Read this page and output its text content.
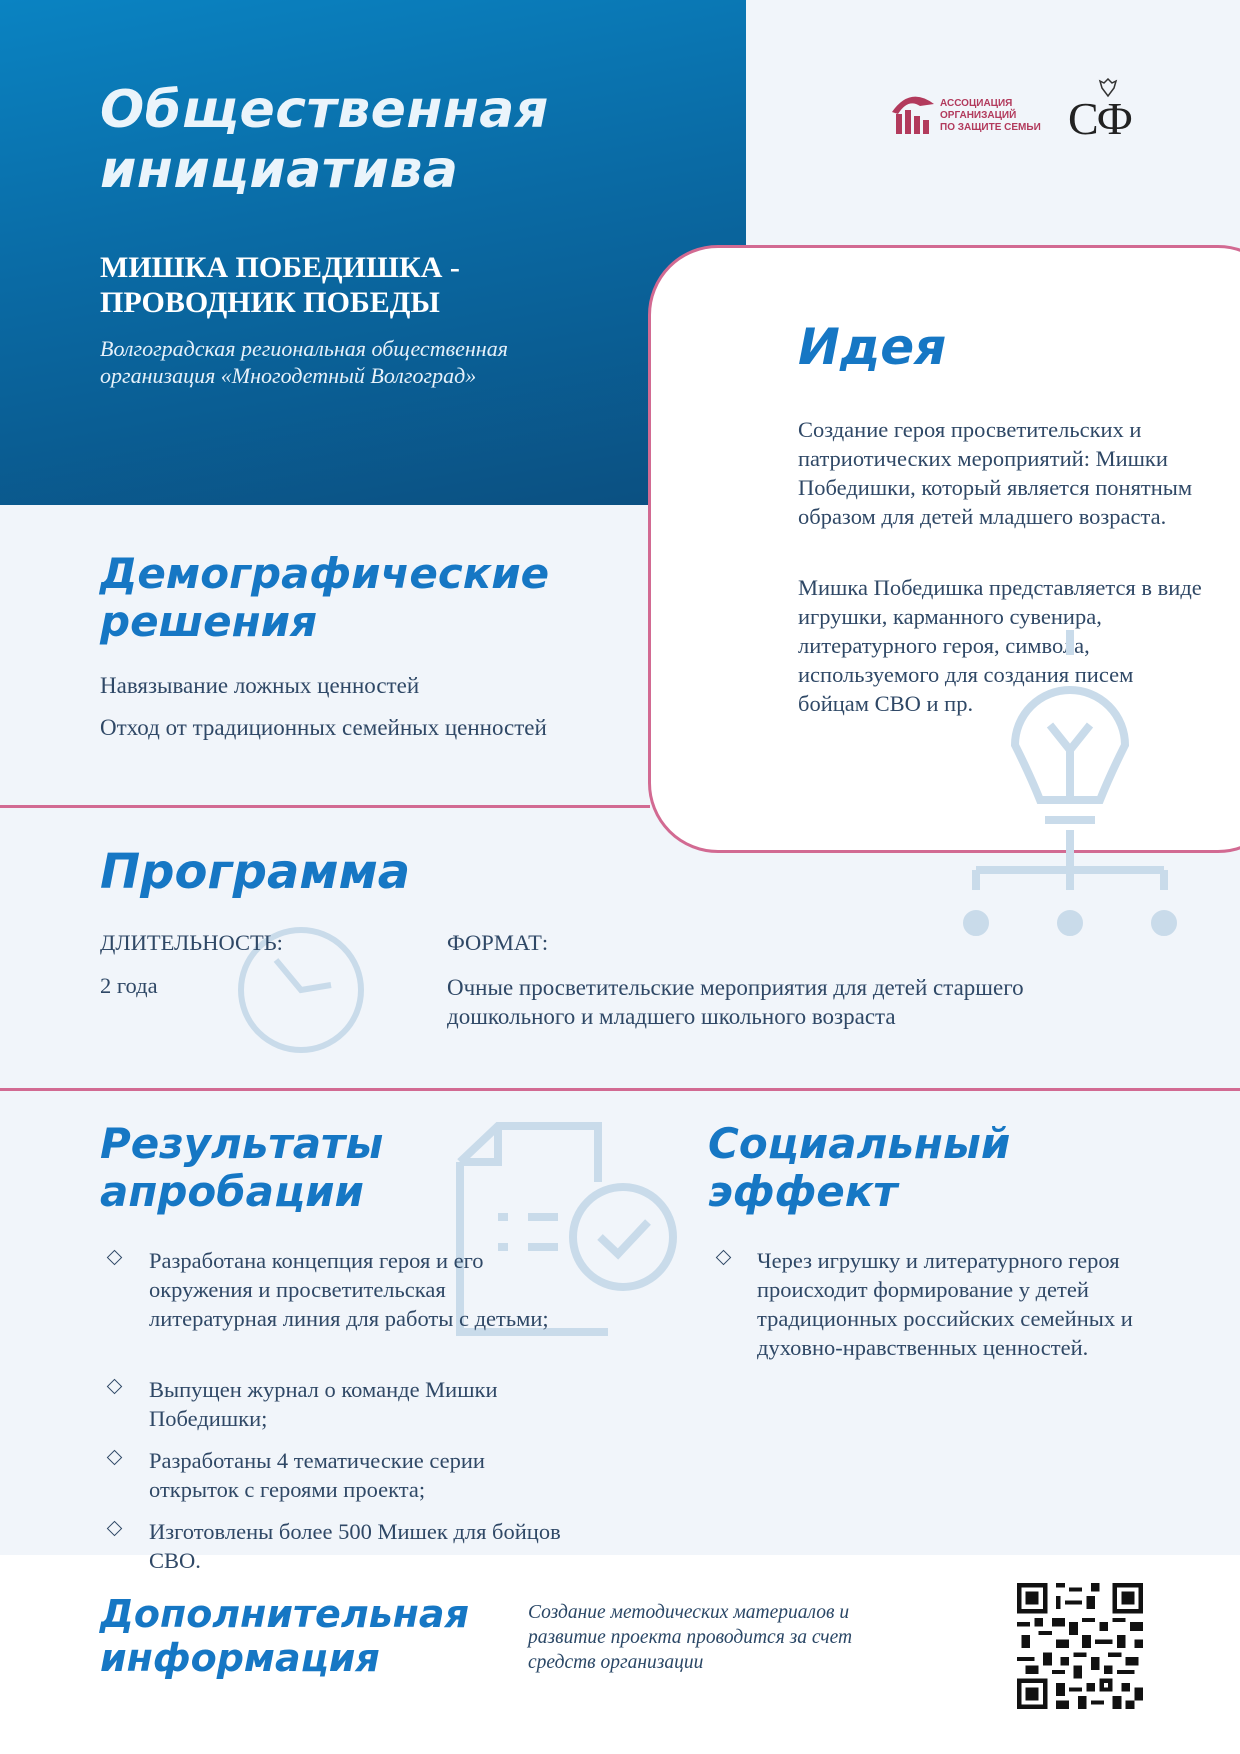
Общественная
инициатива
МИШКА ПОБЕДИШКА -
ПРОВОДНИК ПОБЕДЫ
Волгоградская региональная общественная
организация «Многодетный Волгоград»
АССОЦИАЦИЯ
ОРГАНИЗАЦИЙ
ПО ЗАЩИТЕ СЕМЬИ СФ
Идея
Создание героя просветительских и патриотических мероприятий: Мишки Победишки, который является понятным образом для детей младшего возраста.
Мишка Победишка представляется в виде игрушки, карманного сувенира, литературного героя, символа, используемого для создания писем бойцам СВО и пр.
Демографические
решения
Навязывание ложных ценностей
Отход от традиционных семейных ценностей
Программа
ДЛИТЕЛЬНОСТЬ:
2 года
ФОРМАТ:
Очные просветительские мероприятия для детей старшего
дошкольного и младшего школьного возраста
Результаты
апробации
Разработана концепция героя и его окружения и просветительская литературная линия для работы с детьми;
Выпущен журнал о команде Мишки Победишки;
Разработаны 4 тематические серии открыток с героями проекта;
Изготовлены более 500 Мишек для бойцов СВО.
Социальный
эффект
Через игрушку и литературного героя происходит формирование у детей традиционных российских семейных и духовно-нравственных ценностей.
Дополнительная
информация
Создание методических материалов и развитие проекта проводится за счет средств организации
